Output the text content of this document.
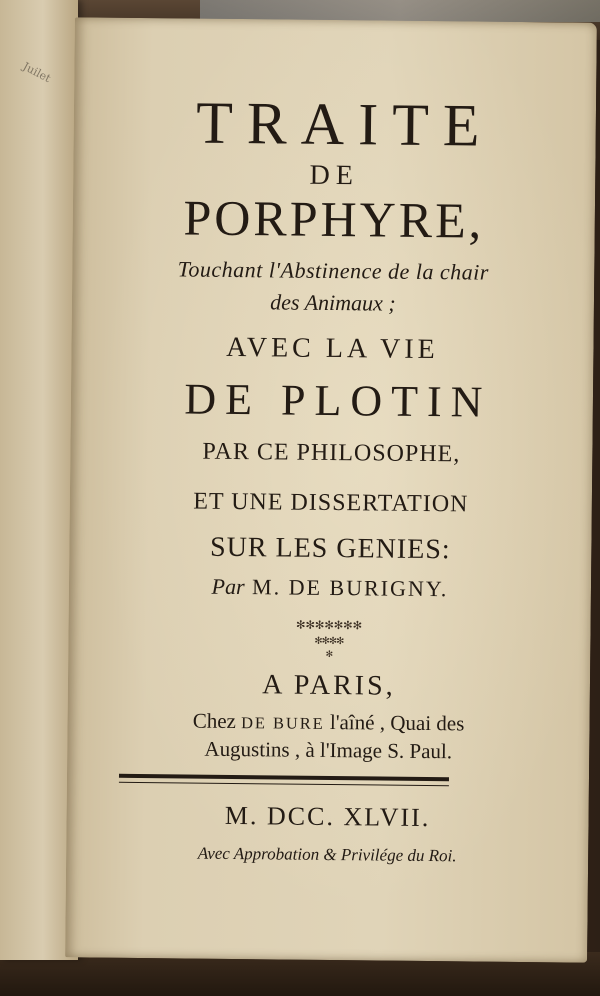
Juilet
TRAITE
DE
PORPHYRE,
Touchant l'Abstinence de la chair
des Animaux ;
AVEC LA VIE
DE PLOTIN
PAR CE PHILOSOPHE,
ET UNE DISSERTATION
SUR LES GENIES:
Par M. DE BURIGNY.
✻✻✻✻✻✻✻
✻✻✻✻
✻
A PARIS,
Chez DE BURE l'aîné , Quai des
Augustins , à l'Image S. Paul.
M. DCC. XLVII.
Avec Approbation & Privilége du Roi.
